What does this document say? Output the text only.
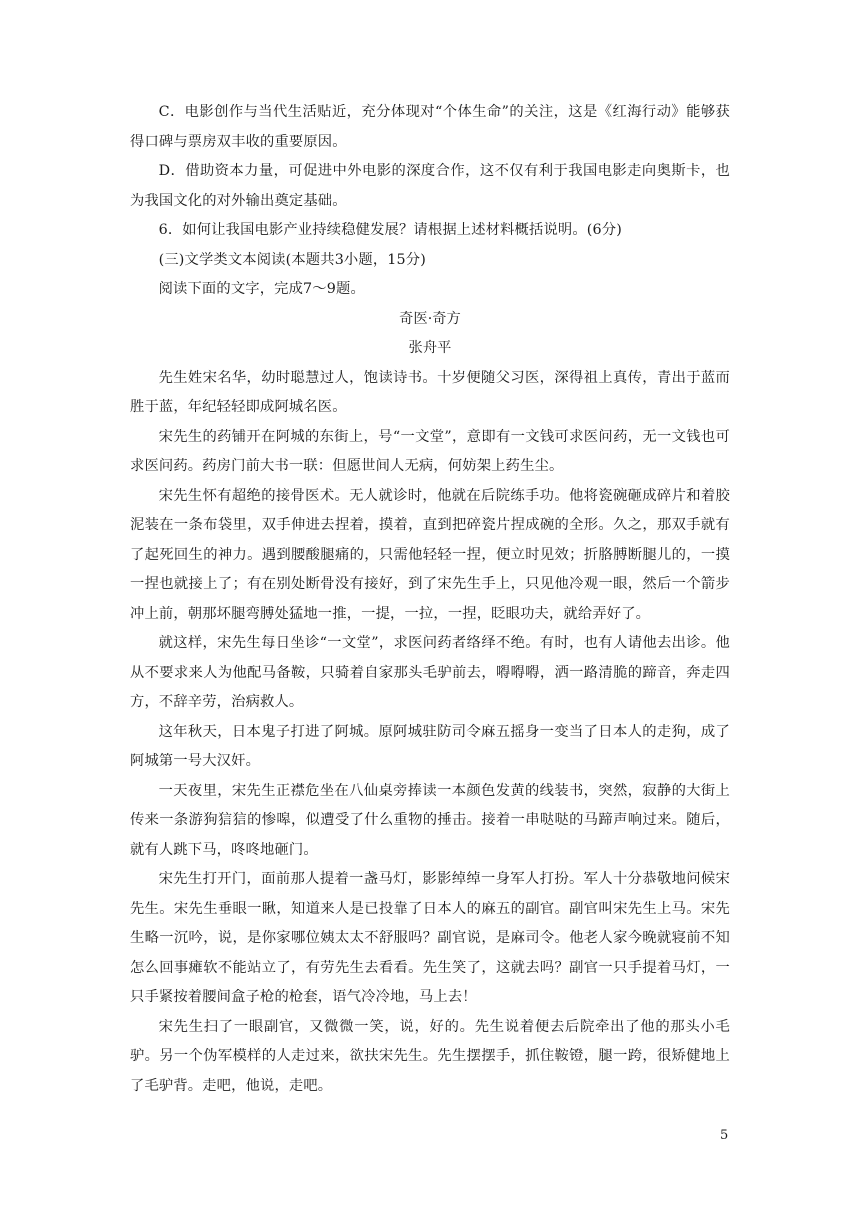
C．电影创作与当代生活贴近，充分体现对“个体生命”的关注，这是《红海行动》能够获得口碑与票房双丰收的重要原因。

D．借助资本力量，可促进中外电影的深度合作，这不仅有利于我国电影走向奥斯卡，也为我国文化的对外输出奠定基础。

6．如何让我国电影产业持续稳健发展？请根据上述材料概括说明。(6分)

(三)文学类文本阅读(本题共3小题，15分)

阅读下面的文字，完成7～9题。

奇医·奇方

张舟平

先生姓宋名华，幼时聪慧过人，饱读诗书。十岁便随父习医，深得祖上真传，青出于蓝而胜于蓝，年纪轻轻即成阿城名医。

宋先生的药铺开在阿城的东街上，号“一文堂”，意即有一文钱可求医问药，无一文钱也可求医问药。药房门前大书一联：但愿世间人无病，何妨架上药生尘。

宋先生怀有超绝的接骨医术。无人就诊时，他就在后院练手功。他将瓷碗砸成碎片和着胶泥装在一条布袋里，双手伸进去捏着，摸着，直到把碎瓷片捏成碗的全形。久之，那双手就有了起死回生的神力。遇到腰酸腿痛的，只需他轻轻一捏，便立时见效；折胳膊断腿儿的，一摸一捏也就接上了；有在别处断骨没有接好，到了宋先生手上，只见他冷观一眼，然后一个箭步冲上前，朝那坏腿弯膊处猛地一推，一提，一拉，一捏，眨眼功夫，就给弄好了。

就这样，宋先生每日坐诊“一文堂”，求医问药者络绎不绝。有时，也有人请他去出诊。他从不要求来人为他配马备鞍，只骑着自家那头毛驴前去，嘚嘚嘚，洒一路清脆的蹄音，奔走四方，不辞辛劳，治病救人。

这年秋天，日本鬼子打进了阿城。原阿城驻防司令麻五摇身一变当了日本人的走狗，成了阿城第一号大汉奸。

一天夜里，宋先生正襟危坐在八仙桌旁捧读一本颜色发黄的线装书，突然，寂静的大街上传来一条游狗狺狺的惨嗥，似遭受了什么重物的捶击。接着一串哒哒的马蹄声响过来。随后，就有人跳下马，咚咚地砸门。

宋先生打开门，面前那人提着一盏马灯，影影绰绰一身军人打扮。军人十分恭敬地问候宋先生。宋先生垂眼一瞅，知道来人是已投靠了日本人的麻五的副官。副官叫宋先生上马。宋先生略一沉吟，说，是你家哪位姨太太不舒服吗？副官说，是麻司令。他老人家今晚就寝前不知怎么回事瘫软不能站立了，有劳先生去看看。先生笑了，这就去吗？副官一只手提着马灯，一只手紧按着腰间盒子枪的枪套，语气冷冷地，马上去！

宋先生扫了一眼副官，又微微一笑，说，好的。先生说着便去后院牵出了他的那头小毛驴。另一个伪军模样的人走过来，欲扶宋先生。先生摆摆手，抓住鞍镫，腿一跨，很矫健地上了毛驴背。走吧，他说，走吧。

5
